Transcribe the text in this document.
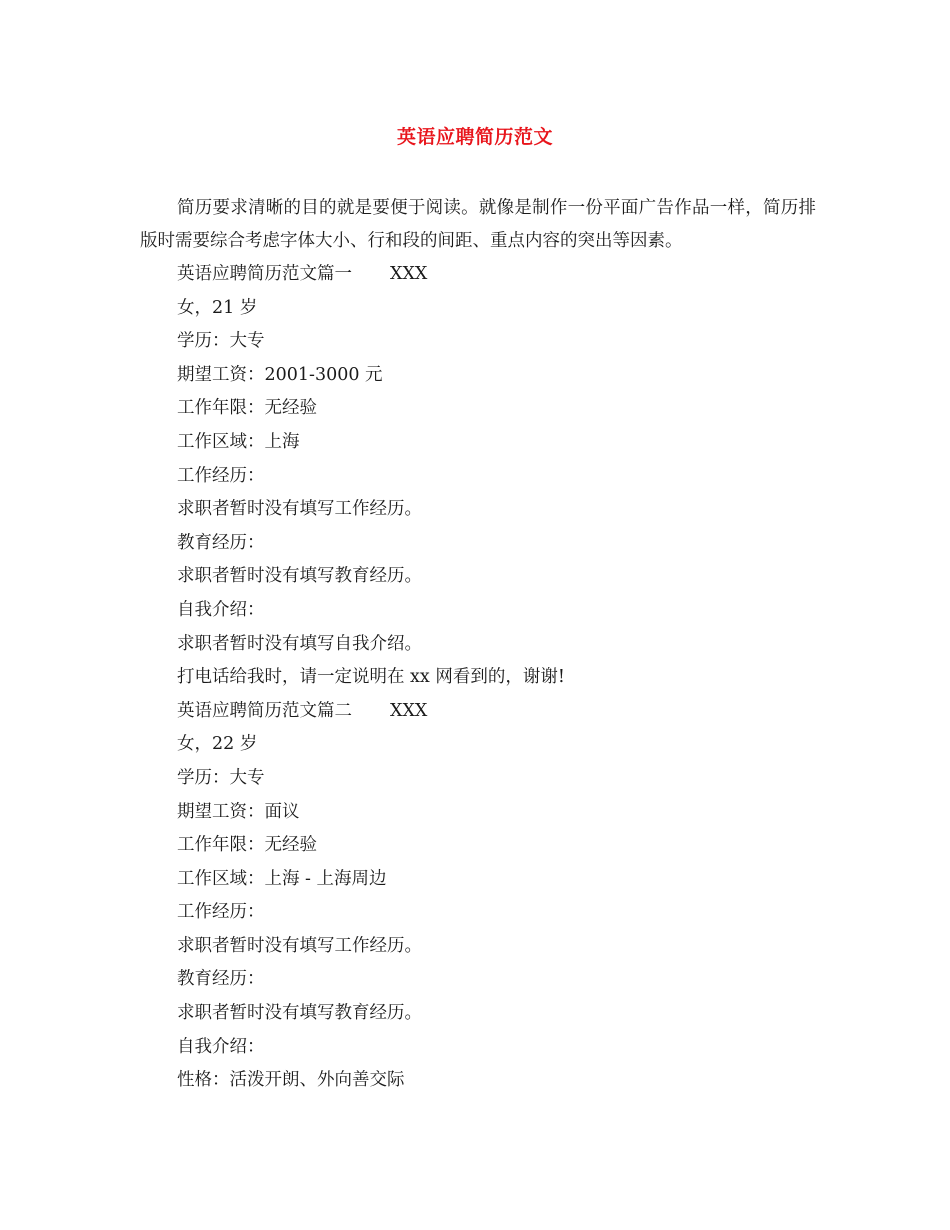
英语应聘简历范文

简历要求清晰的目的就是要便于阅读。就像是制作一份平面广告作品一样，简历排版时需要综合考虑字体大小、行和段的间距、重点内容的突出等因素。

英语应聘简历范文篇一 XXX
女，21 岁
学历：大专
期望工资：2001-3000 元
工作年限：无经验
工作区域：上海
工作经历：
求职者暂时没有填写工作经历。
教育经历：
求职者暂时没有填写教育经历。
自我介绍：
求职者暂时没有填写自我介绍。
打电话给我时，请一定说明在 xx 网看到的，谢谢!
英语应聘简历范文篇二 XXX
女，22 岁
学历：大专
期望工资：面议
工作年限：无经验
工作区域：上海 - 上海周边
工作经历：
求职者暂时没有填写工作经历。
教育经历：
求职者暂时没有填写教育经历。
自我介绍：
性格：活泼开朗、外向善交际
